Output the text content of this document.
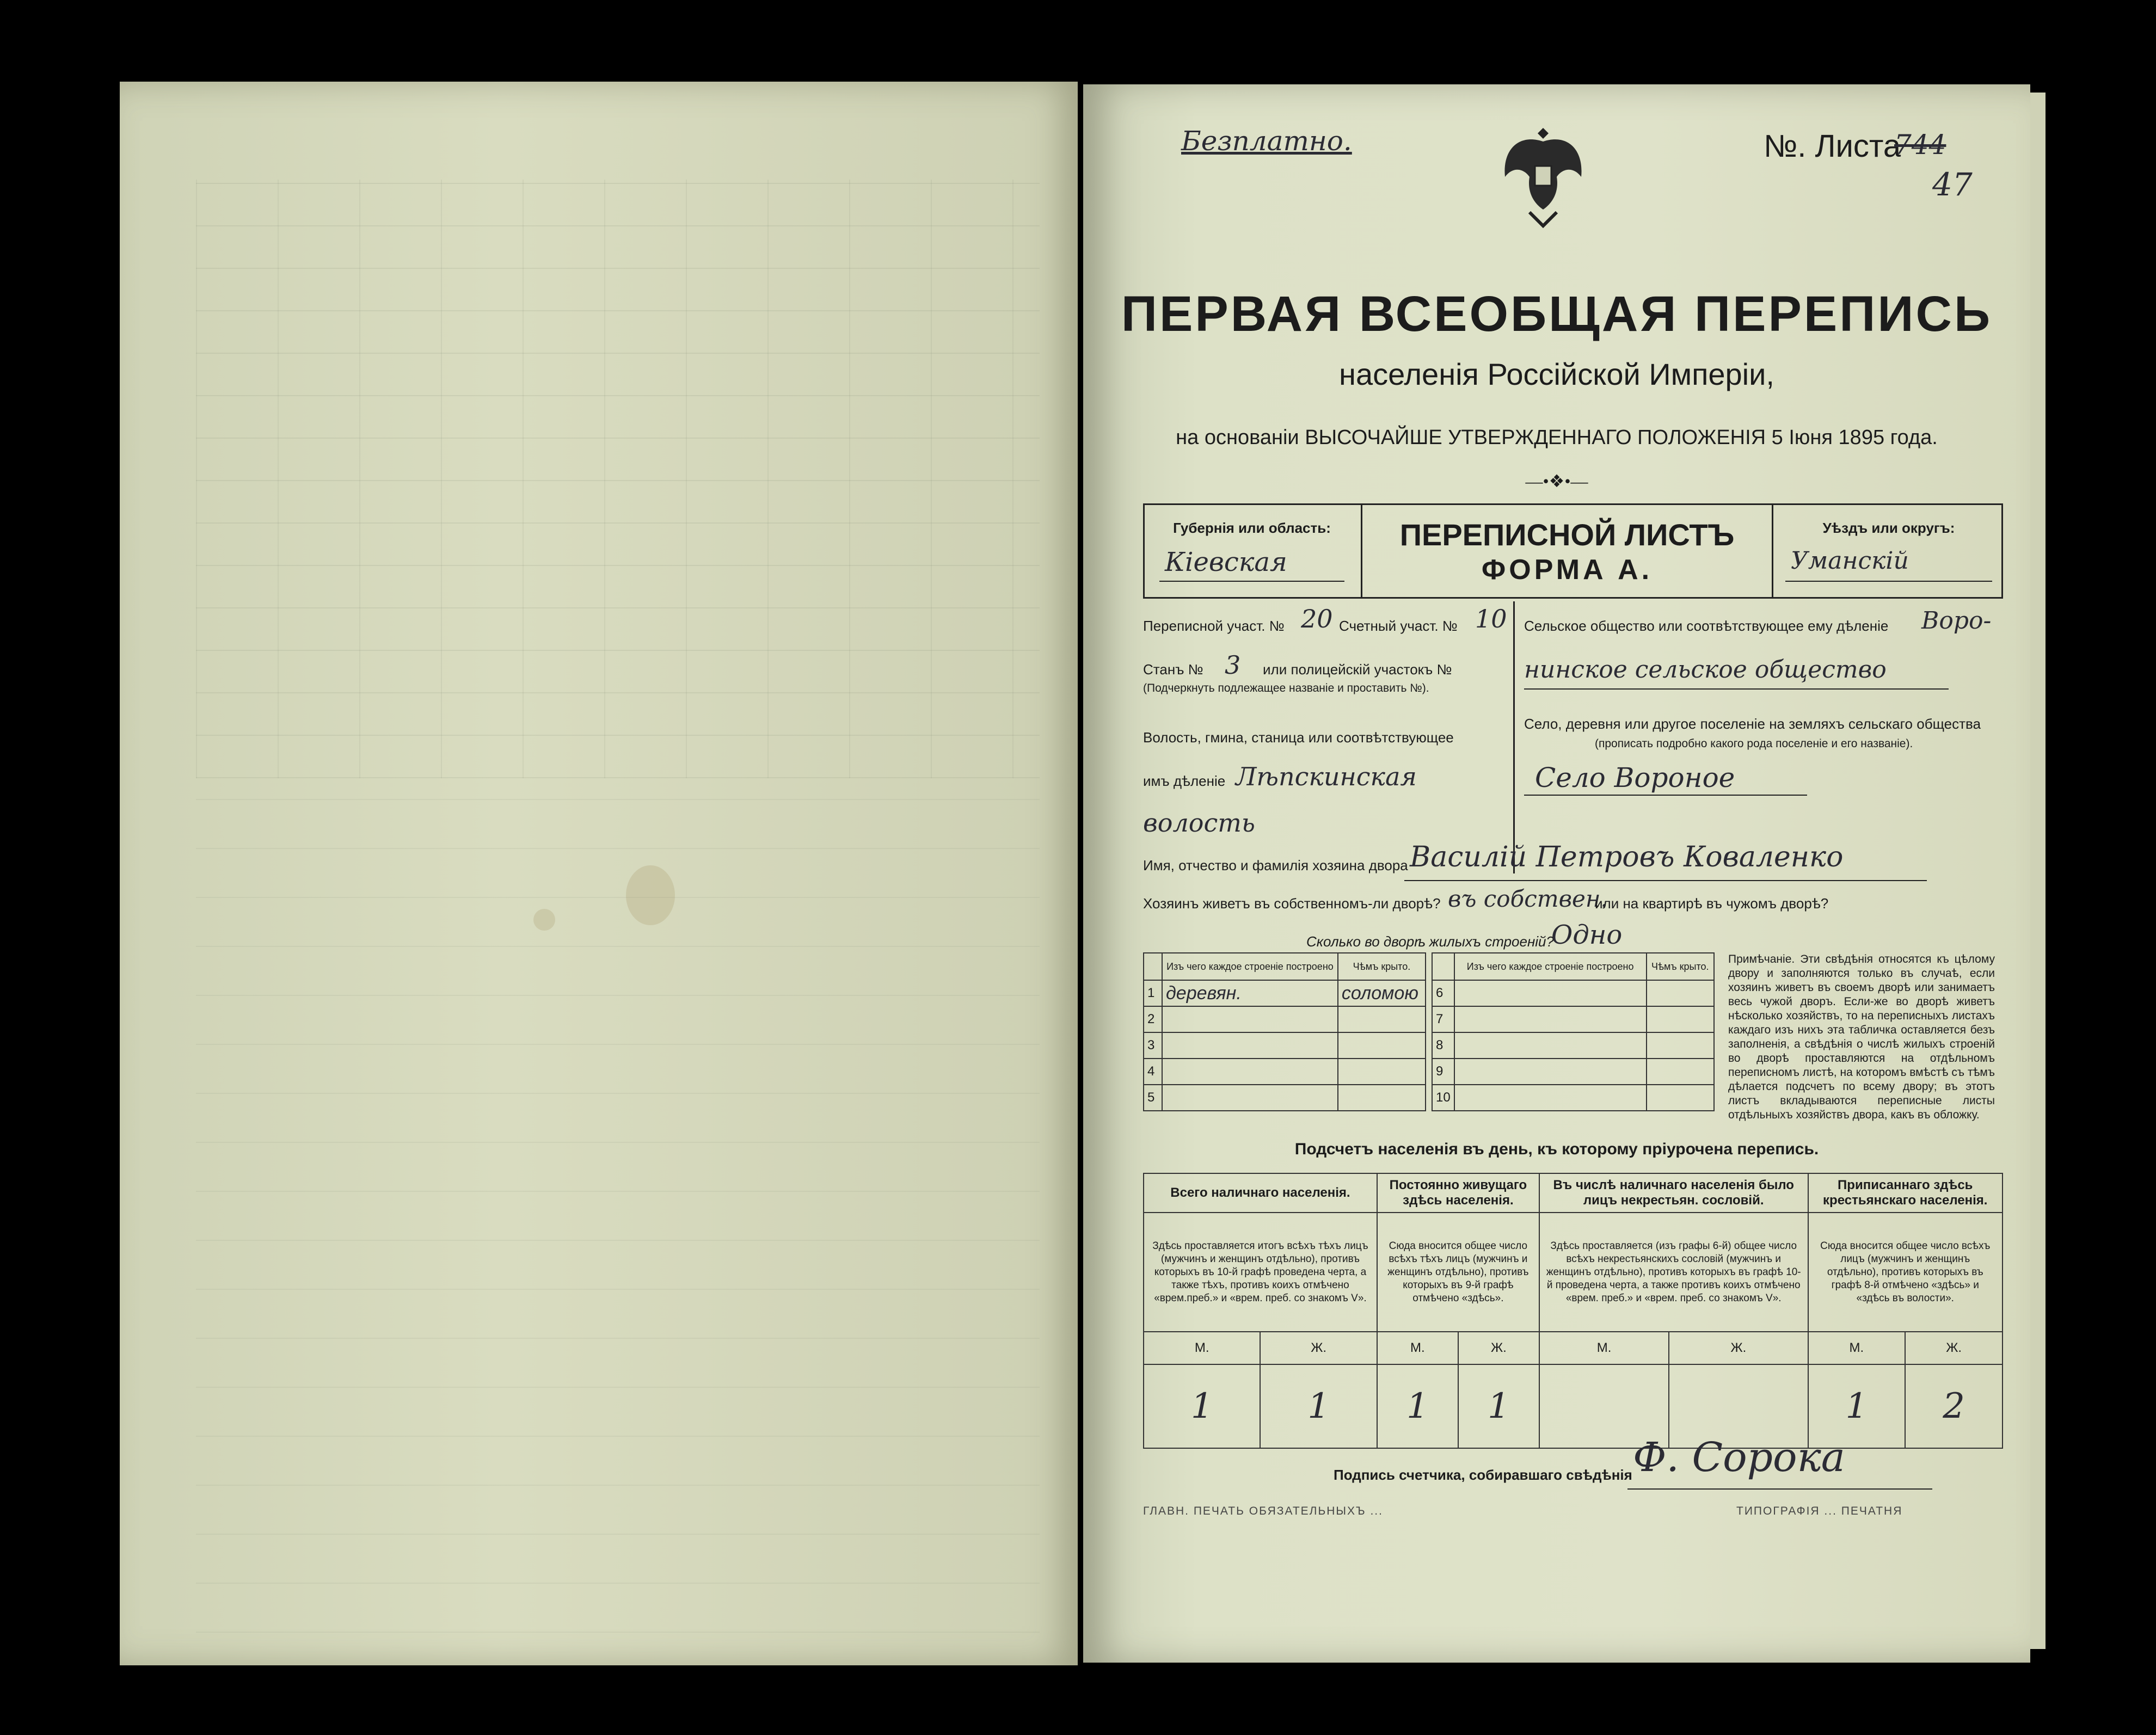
Безплатно.	№. Листа
744
47
ПЕРВАЯ ВСЕОБЩАЯ ПЕРЕПИСЬ
населенія Россійской Имперіи,
на основаніи ВЫСОЧАЙШЕ УТВЕРЖДЕННАГО ПОЛОЖЕНІЯ 5 Іюня 1895 года.
—•❖•—
Губернія или область:
Кіевская
ПЕРЕПИСНОЙ ЛИСТЪ
ФОРМА А.
Уѣздъ или округъ:
Уманскій
Переписной участ. № 20 Счетный участ. № 10
Станъ № 3 или полицейскій участокъ №
(Подчеркнуть подлежащее названіе и проставить №).
Волость, гмина, станица или соотвѣтствующее
имъ дѣленіе Лѣпскинская
волость
Сельское общество или соотвѣтствующее ему дѣленіе Воро-
нинское сельское общество
Село, деревня или другое поселеніе на земляхъ сельскаго общества
(прописать подробно какого рода поселеніе и его названіе).
Село Вороное
Имя, отчество и фамилія хозяина двора Василій Петровъ Коваленко
Хозяинъ живетъ въ собственномъ-ли дворѣ? въ собствен.
или на квартирѣ въ чужомъ дворѣ?
Сколько во дворѣ жилыхъ строеній?
Одно
	Изъ чего каждое строеніе построено	Чѣмъ крыто.
1	деревян.	соломою
2		
3		
4		
5		
	Изъ чего каждое строеніе построено	Чѣмъ крыто.
6		
7		
8		
9		
10		
Примѣчаніе. Эти свѣдѣнія относятся къ цѣлому двору и заполняются только въ случаѣ, если хозяинъ живетъ въ своемъ дворѣ или занимаетъ весь чужой дворъ. Если-же во дворѣ живетъ нѣсколько хозяйствъ, то на переписныхъ листахъ каждаго изъ нихъ эта табличка оставляется безъ заполненія, а свѣдѣнія о числѣ жилыхъ строеній во дворѣ проставляются на отдѣльномъ переписномъ листѣ, на которомъ вмѣстѣ съ тѣмъ дѣлается подсчетъ по всему двору; въ этотъ листъ вкладываются переписные листы отдѣльныхъ хозяйствъ двора, какъ въ обложку.
Подсчетъ населенія въ день, къ которому пріурочена перепись.
Всего наличнаго населенія.		Постоянно живущаго здѣсь населенія.		Въ числѣ наличнаго населенія было лицъ некрестьян. сословій.		Приписаннаго здѣсь крестьянскаго населенія.	
Здѣсь проставляется итогъ всѣхъ тѣхъ лицъ (мужчинъ и женщинъ отдѣльно), противъ которыхъ въ 10-й графѣ проведена черта, а также тѣхъ, противъ коихъ отмѣчено «врем.преб.» и «врем. преб. со знакомъ V».		Сюда вносится общее число всѣхъ тѣхъ лицъ (мужчинъ и женщинъ отдѣльно), противъ которыхъ въ 9-й графѣ отмѣчено «здѣсь».		Здѣсь проставляется (изъ графы 6-й) общее число всѣхъ некрестьянскихъ сословій (мужчинъ и женщинъ отдѣльно), противъ которыхъ въ графѣ 10-й проведена черта, а также противъ коихъ отмѣчено «врем. преб.» и «врем. преб. со знакомъ V».		Сюда вносится общее число всѣхъ лицъ (мужчинъ и женщинъ отдѣльно), противъ которыхъ въ графѣ 8-й отмѣчено «здѣсь» и «здѣсь въ волости».	
М.	Ж.	М.	Ж.	М.	Ж.	М.	Ж.
1	1	1	1			1	2
Подпись счетчика, собиравшаго свѣдѣнія Ф. Сорока
ГЛАВН. ПЕЧАТЬ ОБЯЗАТЕЛЬНЫХЪ ...	ТИПОГРАФІЯ ... ПЕЧАТНЯ
